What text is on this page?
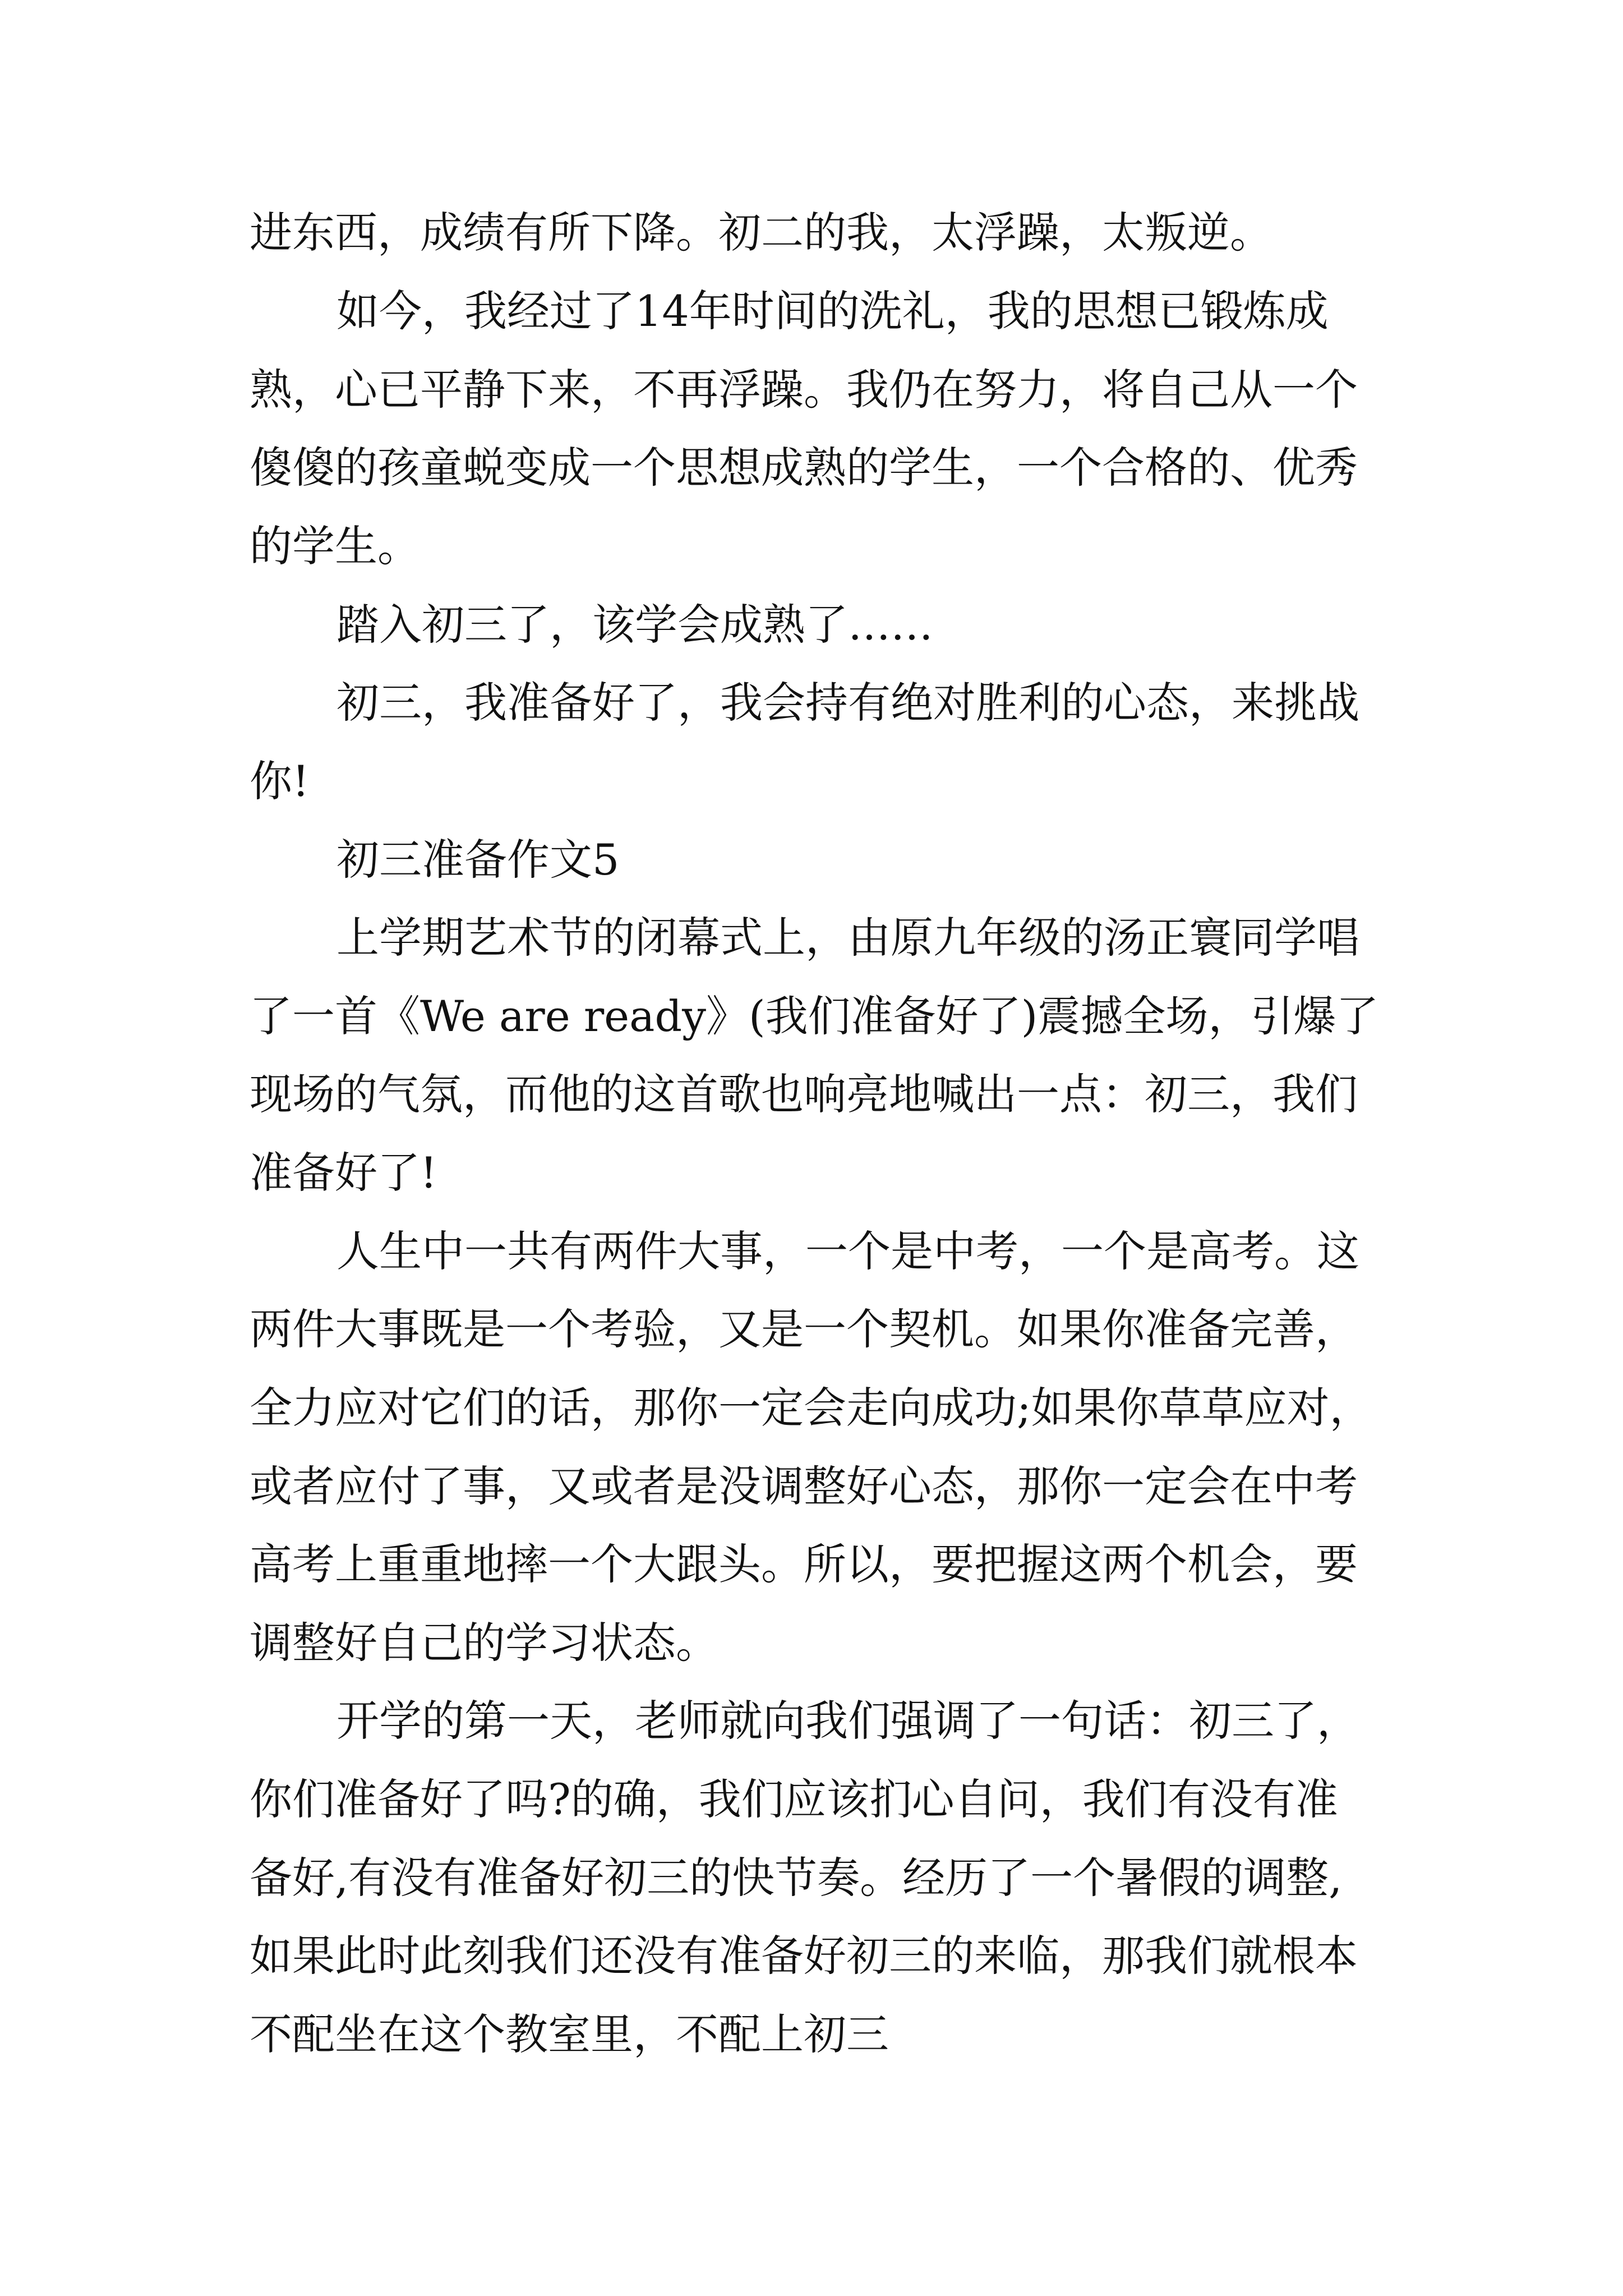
进东西，成绩有所下降。初二的我，太浮躁，太叛逆。

如今，我经过了14年时间的洗礼，我的思想已锻炼成

熟，心已平静下来，不再浮躁。我仍在努力，将自己从一个

傻傻的孩童蜕变成一个思想成熟的学生，一个合格的、优秀

的学生。

踏入初三了，该学会成熟了……

初三，我准备好了，我会持有绝对胜利的心态，来挑战

你!

初三准备作文5

上学期艺术节的闭幕式上，由原九年级的汤正寰同学唱

了一首《We are ready》(我们准备好了)震撼全场，引爆了

现场的气氛，而他的这首歌也响亮地喊出一点：初三，我们

准备好了!

人生中一共有两件大事，一个是中考，一个是高考。这

两件大事既是一个考验，又是一个契机。如果你准备完善，

全力应对它们的话，那你一定会走向成功;如果你草草应对，

或者应付了事，又或者是没调整好心态，那你一定会在中考

高考上重重地摔一个大跟头。所以，要把握这两个机会，要

调整好自己的学习状态。

开学的第一天，老师就向我们强调了一句话：初三了，

你们准备好了吗?的确，我们应该扪心自问，我们有没有准

备好,有没有准备好初三的快节奏。经历了一个暑假的调整,

如果此时此刻我们还没有准备好初三的来临，那我们就根本

不配坐在这个教室里，不配上初三
